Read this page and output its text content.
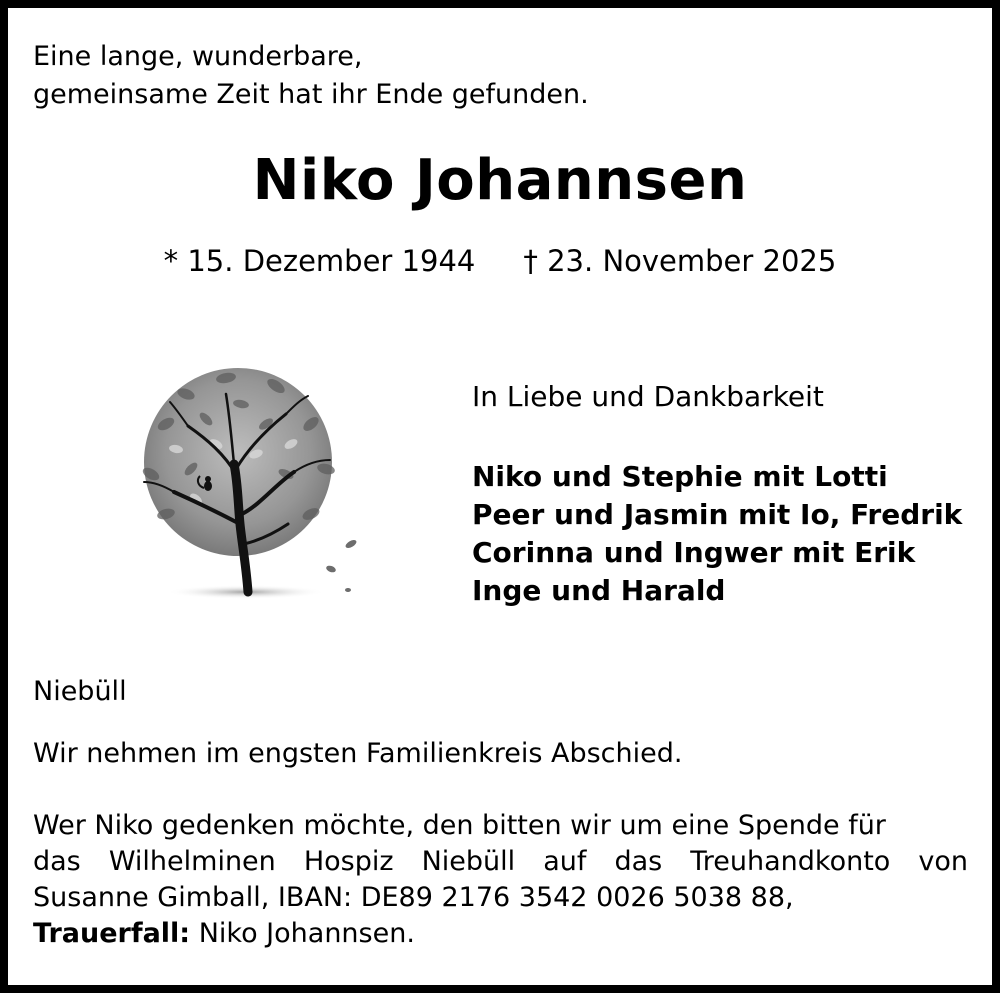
Eine lange, wunderbare,
gemeinsame Zeit hat ihr Ende gefunden.
Niko Johannsen
* 15. Dezember 1944 † 23. November 2025
In Liebe und Dankbarkeit
Niko und Stephie mit Lotti
Peer und Jasmin mit Io, Fredrik
Corinna und Ingwer mit Erik
Inge und Harald
Niebüll
Wir nehmen im engsten Familienkreis Abschied.
Wer Niko gedenken möchte, den bitten wir um eine Spende für
das Wilhelminen Hospiz Niebüll auf das Treuhandkonto von
Susanne Gimball, IBAN: DE89 2176 3542 0026 5038 88,
Trauerfall: Niko Johannsen.
